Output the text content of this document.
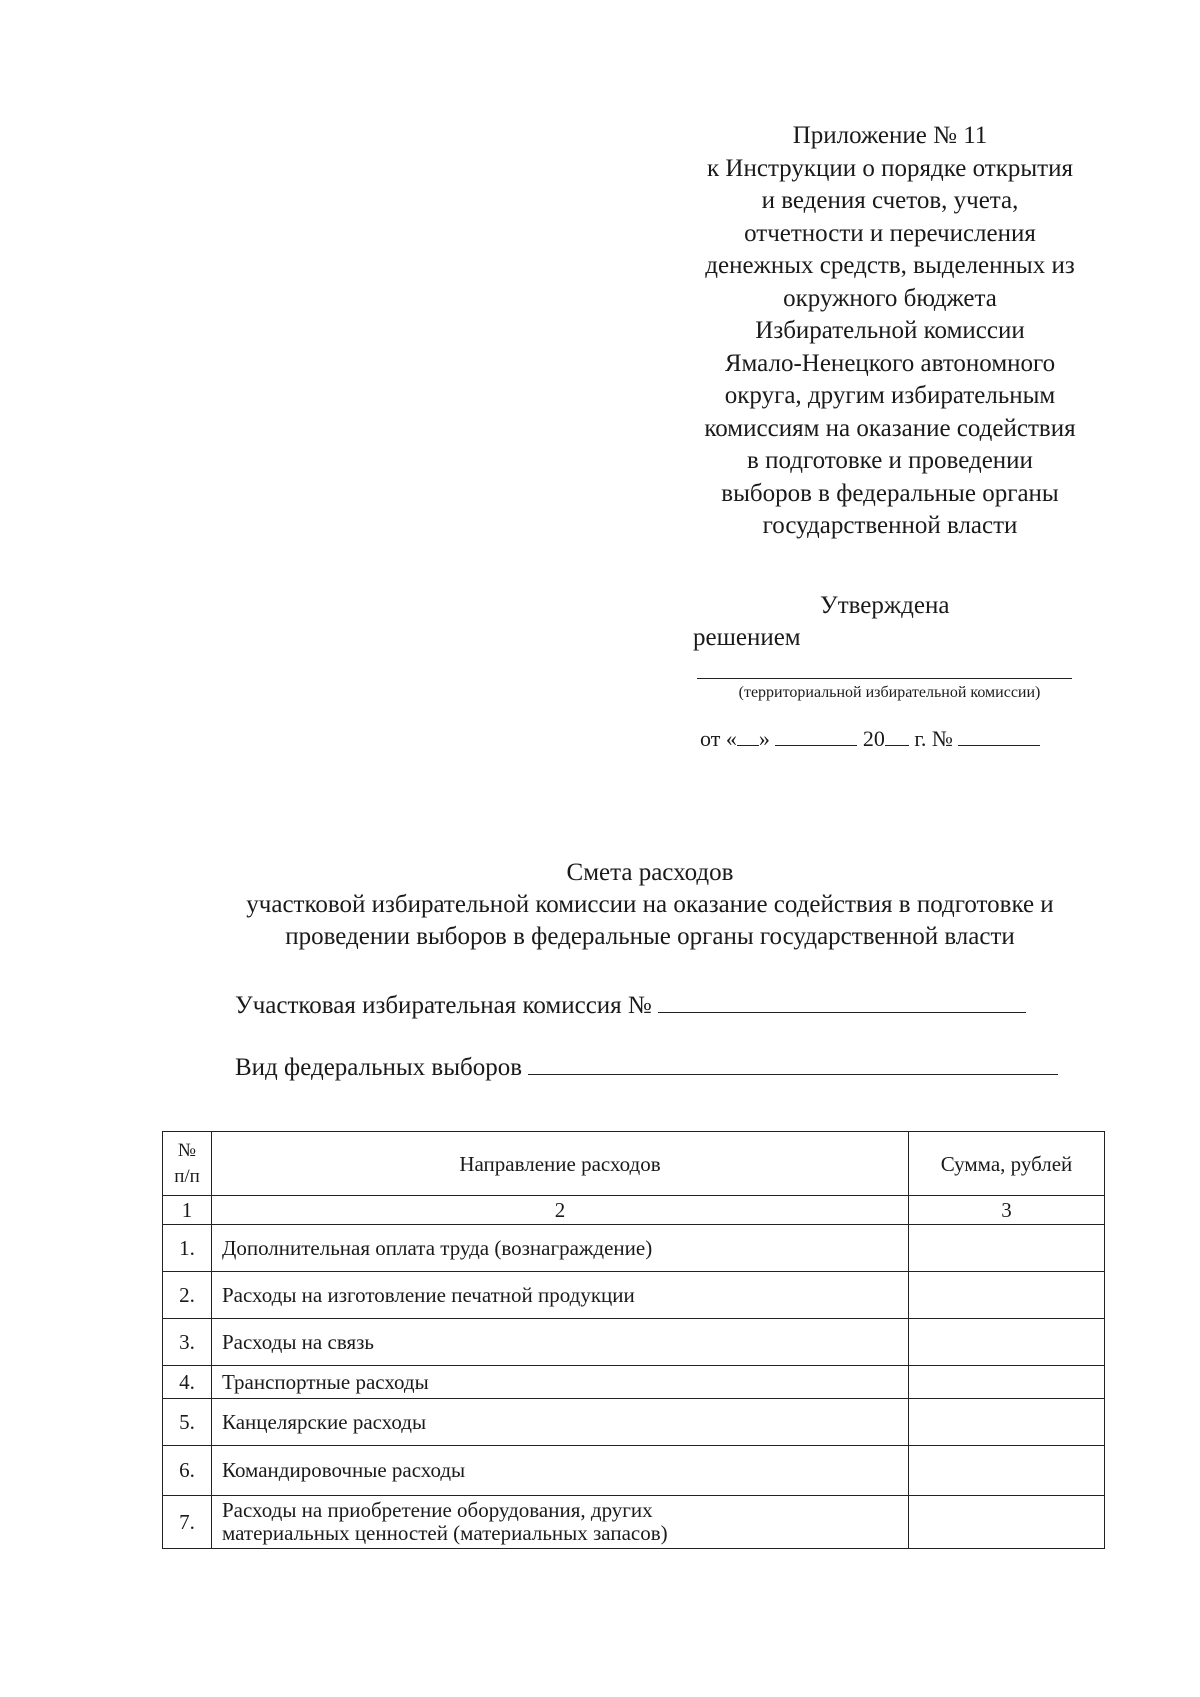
Приложение № 11
к Инструкции о порядке открытия
и ведения счетов, учета,
отчетности и перечисления
денежных средств, выделенных из
окружного бюджета
Избирательной комиссии
Ямало-Ненецкого автономного
округа, другим избирательным
комиссиям на оказание содействия
в подготовке и проведении
выборов в федеральные органы
государственной власти
Утверждена
решением
(территориальной избирательной комиссии)
от « »	20 г. №
Смета расходов
участковой избирательной комиссии на оказание содействия в подготовке и
проведении выборов в федеральные органы государственной власти
Участковая избирательная комиссия №
Вид федеральных выборов
№
п/п	Направление расходов	Сумма, рублей
1	2	3
1.	Дополнительная оплата труда (вознаграждение)	
2.	Расходы на изготовление печатной продукции	
3.	Расходы на связь	
4.	Транспортные расходы	
5.	Канцелярские расходы	
6.	Командировочные расходы	
7.	Расходы на приобретение оборудования, других
материальных ценностей (материальных запасов)	
